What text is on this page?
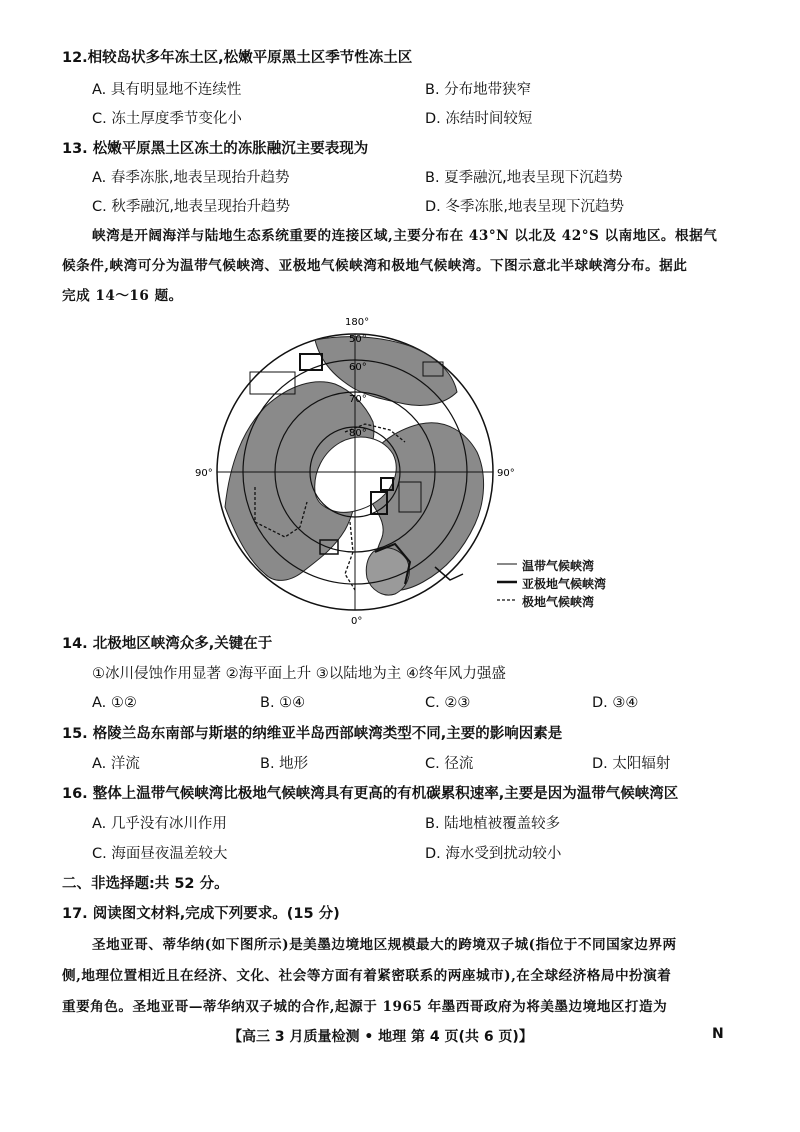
12.相较岛状多年冻土区,松嫩平原黑土区季节性冻土区
A. 具有明显地不连续性	B. 分布地带狭窄
C. 冻土厚度季节变化小	D. 冻结时间较短
13. 松嫩平原黑土区冻土的冻胀融沉主要表现为
A. 春季冻胀,地表呈现抬升趋势	B. 夏季融沉,地表呈现下沉趋势
C. 秋季融沉,地表呈现抬升趋势	D. 冬季冻胀,地表呈现下沉趋势
峡湾是开阔海洋与陆地生态系统重要的连接区域,主要分布在 43°N 以北及 42°S 以南地区。根据气
候条件,峡湾可分为温带气候峡湾、亚极地气候峡湾和极地气候峡湾。下图示意北半球峡湾分布。据此
完成 14～16 题。
180°
0°
90°	90°
50°
60°
70°
80°
温带气候峡湾
亚极地气候峡湾
极地气候峡湾
14. 北极地区峡湾众多,关键在于
①冰川侵蚀作用显著 ②海平面上升 ③以陆地为主 ④终年风力强盛
A. ①②	B. ①④	C. ②③	D. ③④
15. 格陵兰岛东南部与斯堪的纳维亚半岛西部峡湾类型不同,主要的影响因素是
A. 洋流	B. 地形	C. 径流	D. 太阳辐射
16. 整体上温带气候峡湾比极地气候峡湾具有更高的有机碳累积速率,主要是因为温带气候峡湾区
A. 几乎没有冰川作用	B. 陆地植被覆盖较多
C. 海面昼夜温差较大	D. 海水受到扰动较小
二、非选择题:共 52 分。
17. 阅读图文材料,完成下列要求。(15 分)
圣地亚哥、蒂华纳(如下图所示)是美墨边境地区规模最大的跨境双子城(指位于不同国家边界两
侧,地理位置相近且在经济、文化、社会等方面有着紧密联系的两座城市),在全球经济格局中扮演着
重要角色。圣地亚哥—蒂华纳双子城的合作,起源于 1965 年墨西哥政府为将美墨边境地区打造为
【高三 3 月质量检测 • 地理 第 4 页(共 6 页)】	N
